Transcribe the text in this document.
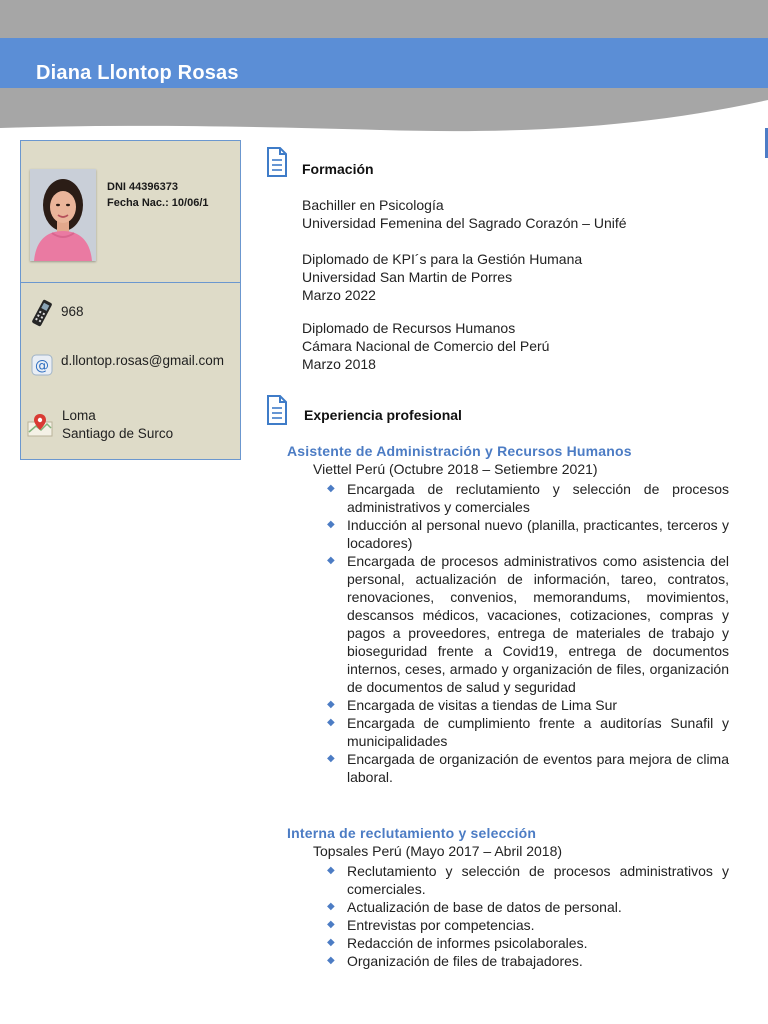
Diana Llontop Rosas
DNI 44396373
Fecha Nac.: 10/06/1
968
@ d.llontop.rosas@gmail.com
Loma
Santiago de Surco
Formación
Bachiller en Psicología
Universidad Femenina del Sagrado Corazón – Unifé
Diplomado de KPI´s para la Gestión Humana
Universidad San Martin de Porres
Marzo 2022
Diplomado de Recursos Humanos
Cámara Nacional de Comercio del Perú
Marzo 2018
Experiencia profesional
Asistente de Administración y Recursos Humanos
Viettel Perú (Octubre 2018 – Setiembre 2021)
◆ Encargada de reclutamiento y selección de procesos administrativos y comerciales
◆ Inducción al personal nuevo (planilla, practicantes, terceros y locadores)
◆ Encargada de procesos administrativos como asistencia del personal, actualización de información, tareo, contratos, renovaciones, convenios, memorandums, movimientos, descansos médicos, vacaciones, cotizaciones, compras y pagos a proveedores, entrega de materiales de trabajo y bioseguridad frente a Covid19, entrega de documentos internos, ceses, armado y organización de files, organización de documentos de salud y seguridad
◆ Encargada de visitas a tiendas de Lima Sur
◆ Encargada de cumplimiento frente a auditorías Sunafil y municipalidades
◆ Encargada de organización de eventos para mejora de clima laboral.
Interna de reclutamiento y selección
Topsales Perú (Mayo 2017 – Abril 2018)
◆ Reclutamiento y selección de procesos administrativos y comerciales.
◆ Actualización de base de datos de personal.
◆ Entrevistas por competencias.
◆ Redacción de informes psicolaborales.
◆ Organización de files de trabajadores.
